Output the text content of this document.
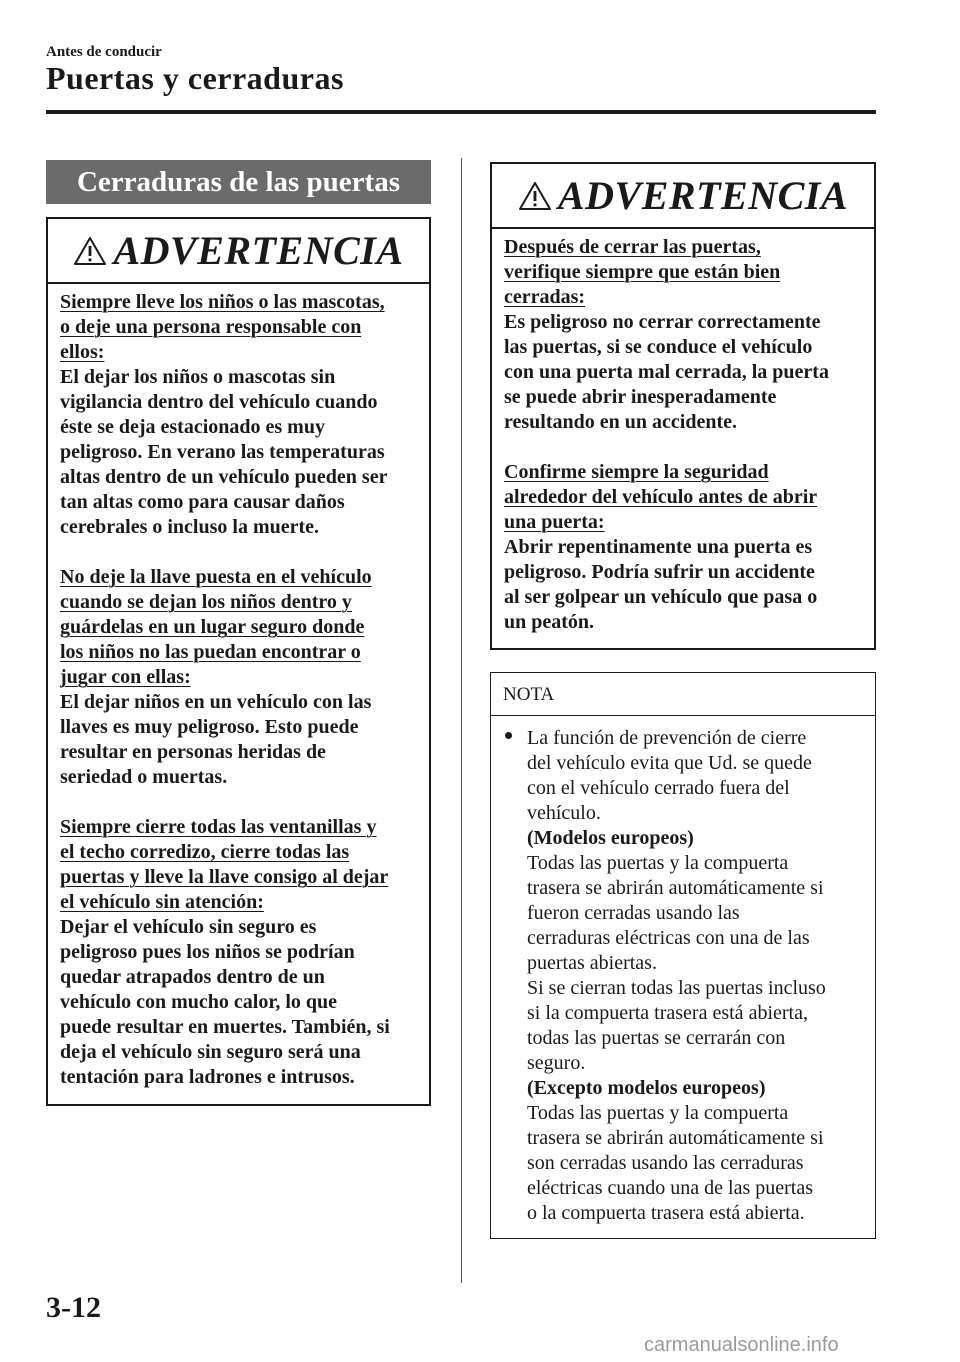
Antes de conducir
Puertas y cerraduras
Cerraduras de las puertas
ADVERTENCIA

Siempre lleve los niños o las mascotas,
o deje una persona responsable con
ellos:
El dejar los niños o mascotas sin
vigilancia dentro del vehículo cuando
éste se deja estacionado es muy
peligroso. En verano las temperaturas
altas dentro de un vehículo pueden ser
tan altas como para causar daños
cerebrales o incluso la muerte.

No deje la llave puesta en el vehículo
cuando se dejan los niños dentro y
guárdelas en un lugar seguro donde
los niños no las puedan encontrar o
jugar con ellas:
El dejar niños en un vehículo con las
llaves es muy peligroso. Esto puede
resultar en personas heridas de
seriedad o muertas.

Siempre cierre todas las ventanillas y
el techo corredizo, cierre todas las
puertas y lleve la llave consigo al dejar
el vehículo sin atención:
Dejar el vehículo sin seguro es
peligroso pues los niños se podrían
quedar atrapados dentro de un
vehículo con mucho calor, lo que
puede resultar en muertes. También, si
deja el vehículo sin seguro será una
tentación para ladrones e intrusos.

ADVERTENCIA

Después de cerrar las puertas,
verifique siempre que están bien
cerradas:
Es peligroso no cerrar correctamente
las puertas, si se conduce el vehículo
con una puerta mal cerrada, la puerta
se puede abrir inesperadamente
resultando en un accidente.

Confirme siempre la seguridad
alrededor del vehículo antes de abrir
una puerta:
Abrir repentinamente una puerta es
peligroso. Podría sufrir un accidente
al ser golpear un vehículo que pasa o
un peatón.

NOTA
La función de prevención de cierre
del vehículo evita que Ud. se quede
con el vehículo cerrado fuera del
vehículo.
(Modelos europeos)
Todas las puertas y la compuerta
trasera se abrirán automáticamente si
fueron cerradas usando las
cerraduras eléctricas con una de las
puertas abiertas.
Si se cierran todas las puertas incluso
si la compuerta trasera está abierta,
todas las puertas se cerrarán con
seguro.
(Excepto modelos europeos)
Todas las puertas y la compuerta
trasera se abrirán automáticamente si
son cerradas usando las cerraduras
eléctricas cuando una de las puertas
o la compuerta trasera está abierta.
3-12
carmanualsonline.info
